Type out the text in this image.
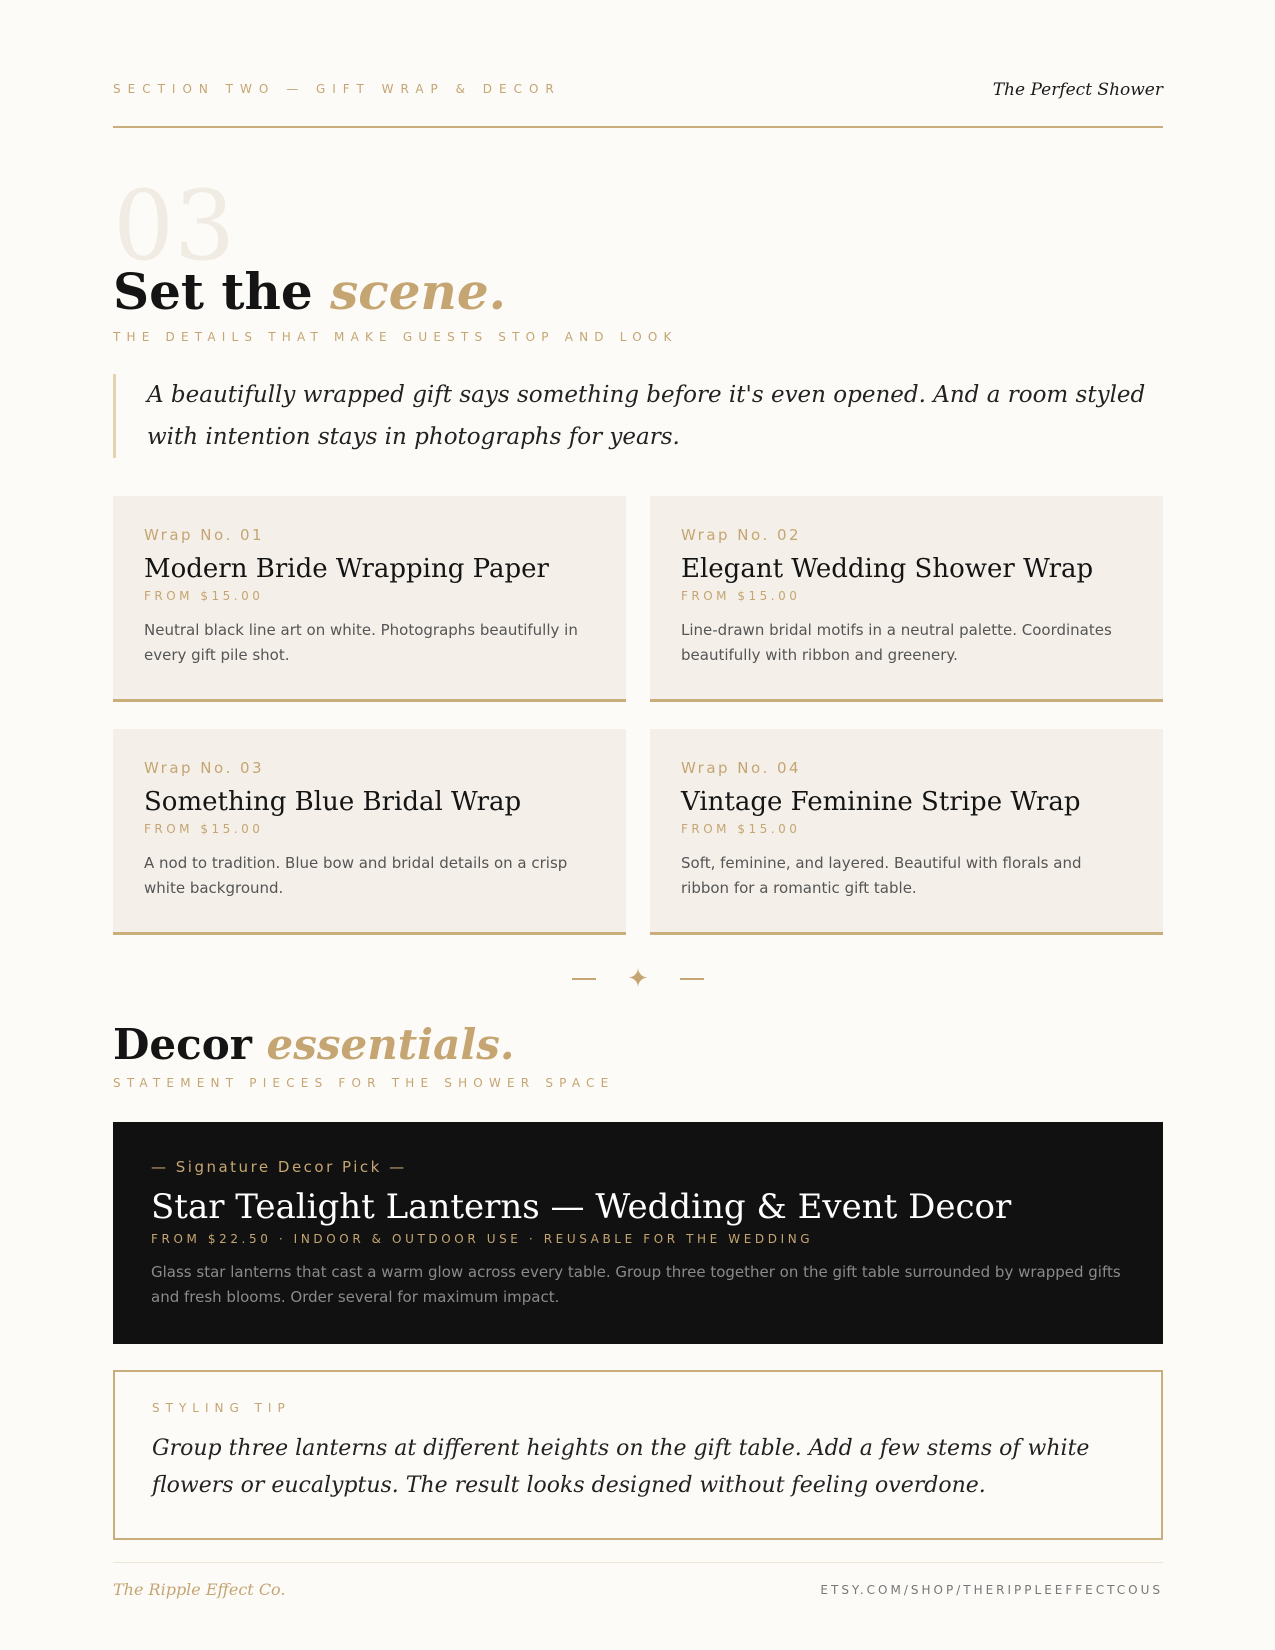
SECTION TWO — GIFT WRAP & DECOR	The Perfect Shower
03
Set the scene.
THE DETAILS THAT MAKE GUESTS STOP AND LOOK

A beautifully wrapped gift says something before it's even opened. And a room styled with intention stays in photographs for years.

Wrap No. 01
Modern Bride Wrapping Paper
FROM $15.00
Neutral black line art on white. Photographs beautifully in every gift pile shot.
Wrap No. 02
Elegant Wedding Shower Wrap
FROM $15.00
Line-drawn bridal motifs in a neutral palette. Coordinates beautifully with ribbon and greenery.
Wrap No. 03
Something Blue Bridal Wrap
FROM $15.00
A nod to tradition. Blue bow and bridal details on a crisp white background.
Wrap No. 04
Vintage Feminine Stripe Wrap
FROM $15.00
Soft, feminine, and layered. Beautiful with florals and ribbon for a romantic gift table.
✦
Decor essentials.
STATEMENT PIECES FOR THE SHOWER SPACE
— Signature Decor Pick —
Star Tealight Lanterns — Wedding & Event Decor
FROM $22.50 · INDOOR & OUTDOOR USE · REUSABLE FOR THE WEDDING
Glass star lanterns that cast a warm glow across every table. Group three together on the gift table surrounded by wrapped gifts and fresh blooms. Order several for maximum impact.
STYLING TIP
Group three lanterns at different heights on the gift table. Add a few stems of white flowers or eucalyptus. The result looks designed without feeling overdone.
The Ripple Effect Co.	ETSY.COM/SHOP/THERIPPLEEFFECTCOUS
